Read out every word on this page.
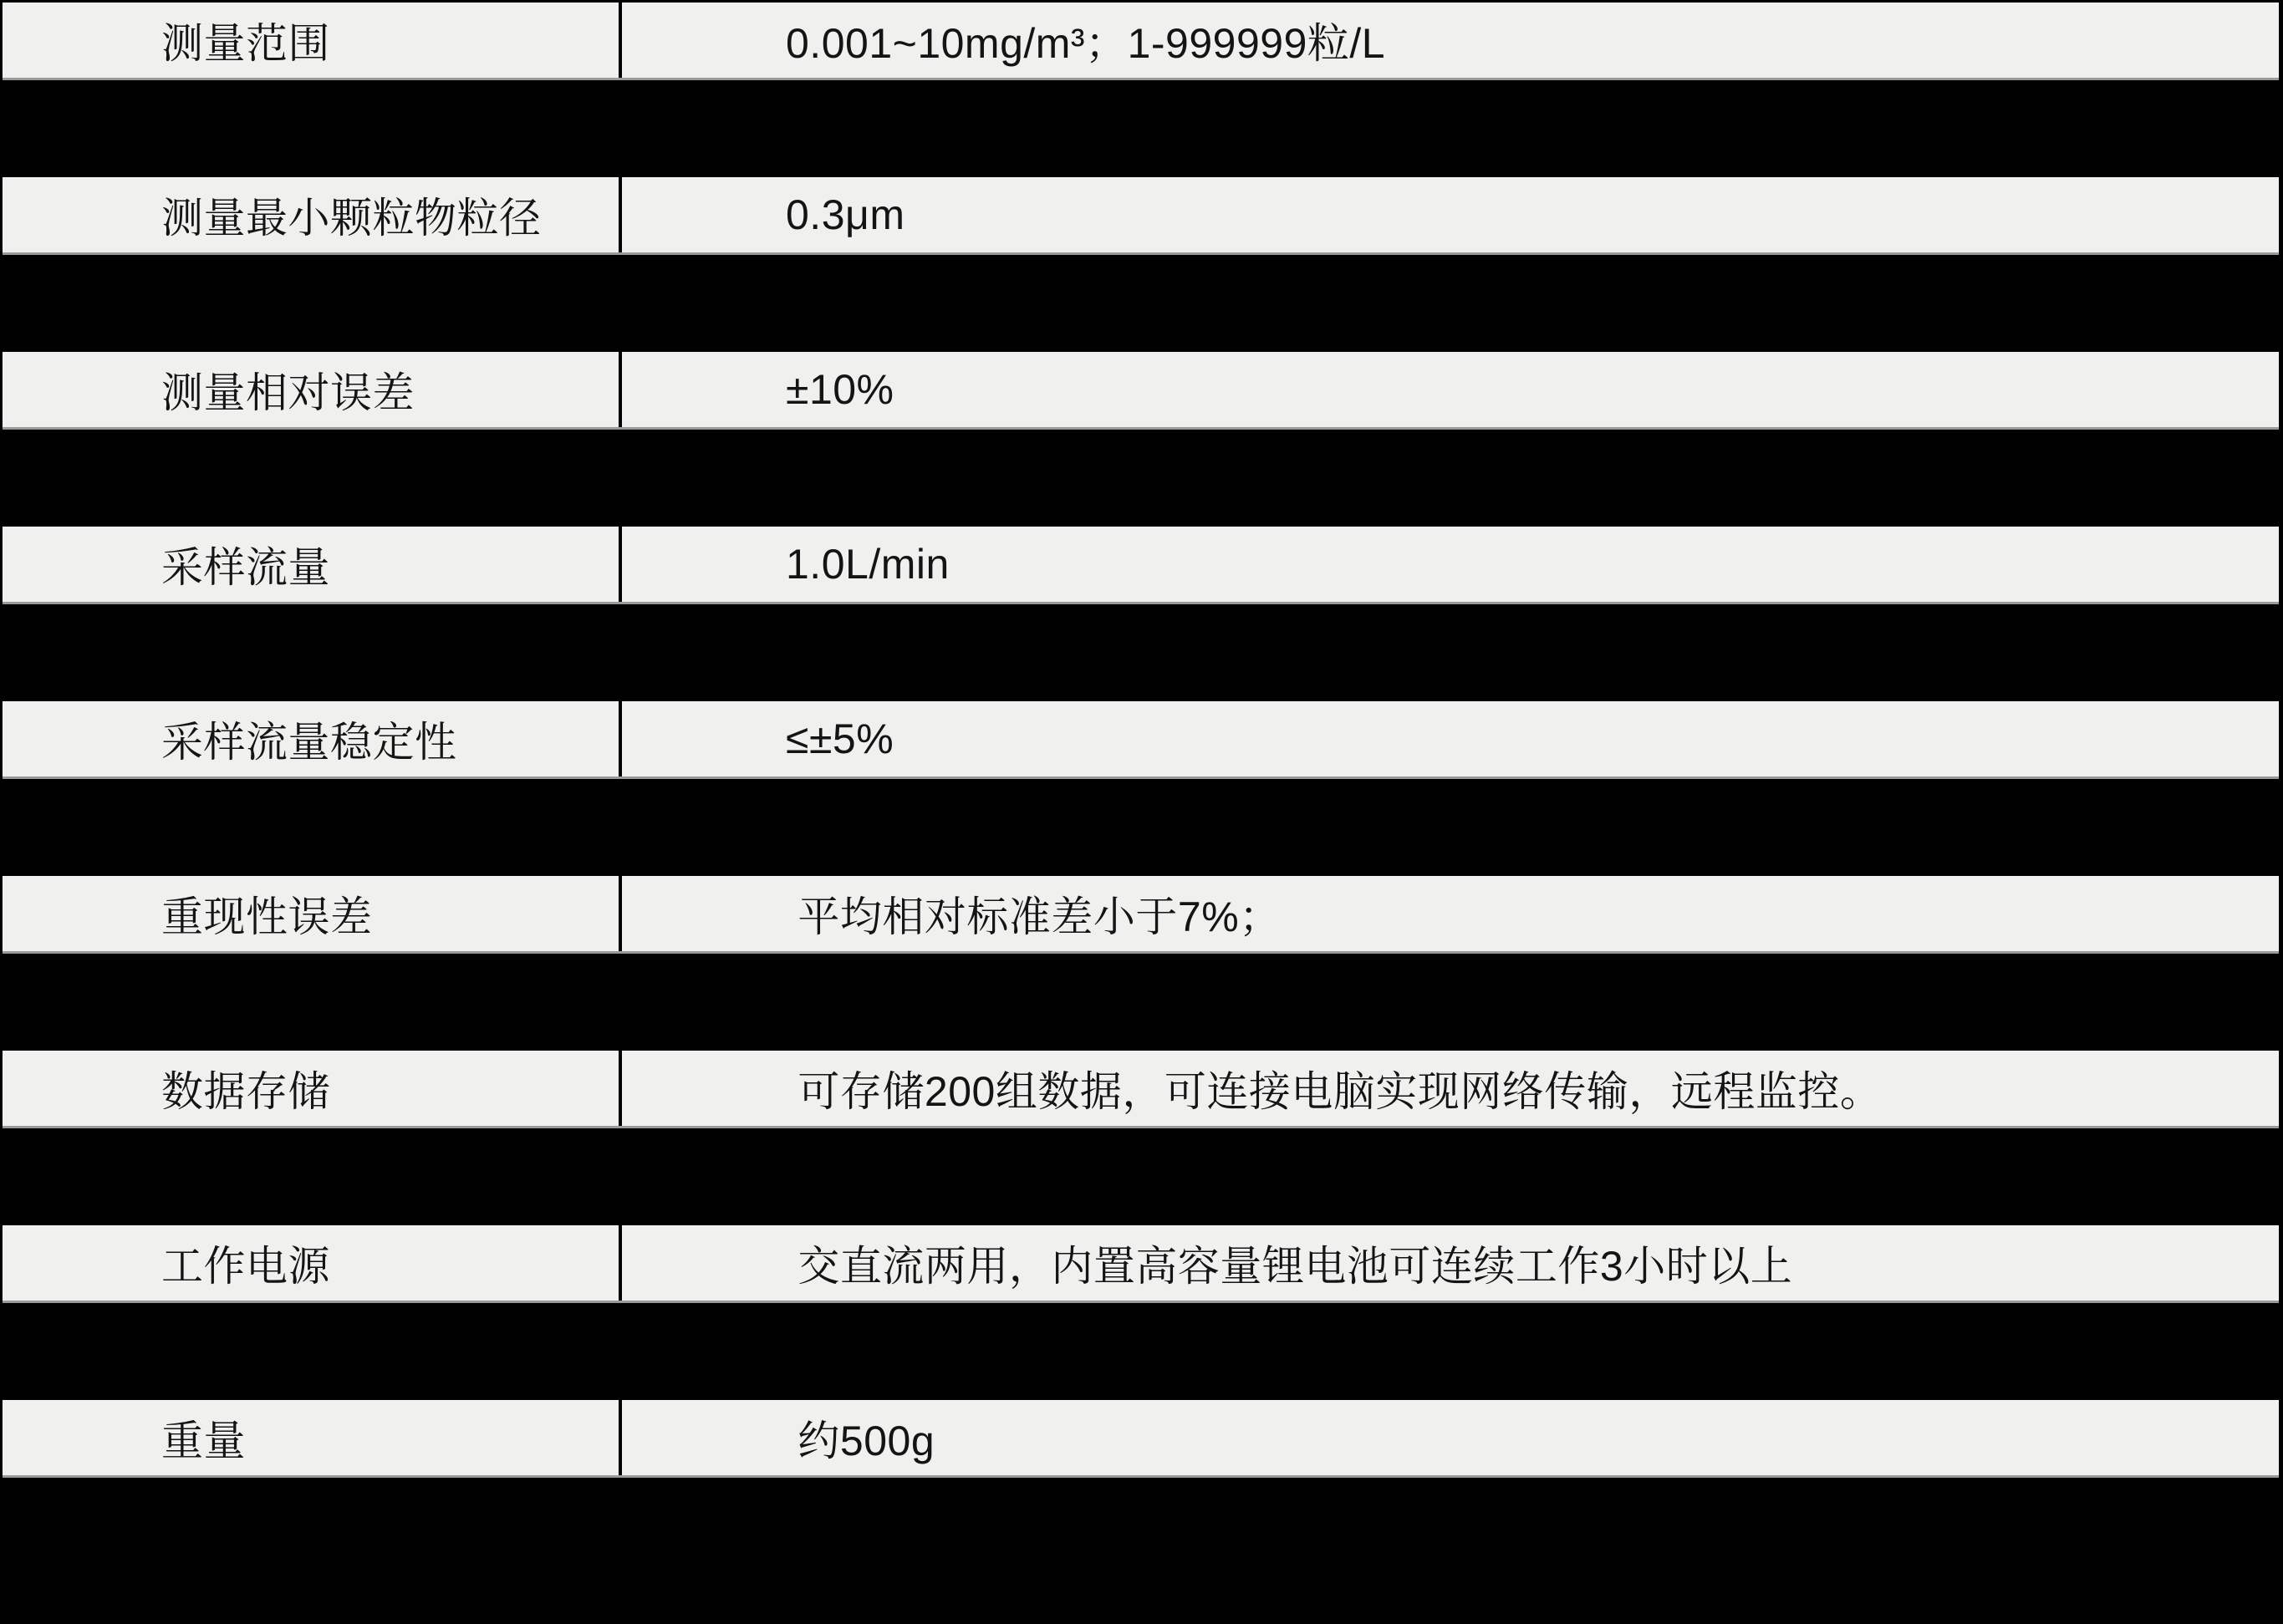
测量范围	0.001~10mg/m³；1-999999粒/L
测量最小颗粒物粒径	0.3μm
测量相对误差	±10%
采样流量	1.0L/min
采样流量稳定性	≤±5%
重现性误差	平均相对标准差小于7%；
数据存储	可存储200组数据，可连接电脑实现网络传输，远程监控。
工作电源	交直流两用，内置高容量锂电池可连续工作3小时以上
重量	约500g
